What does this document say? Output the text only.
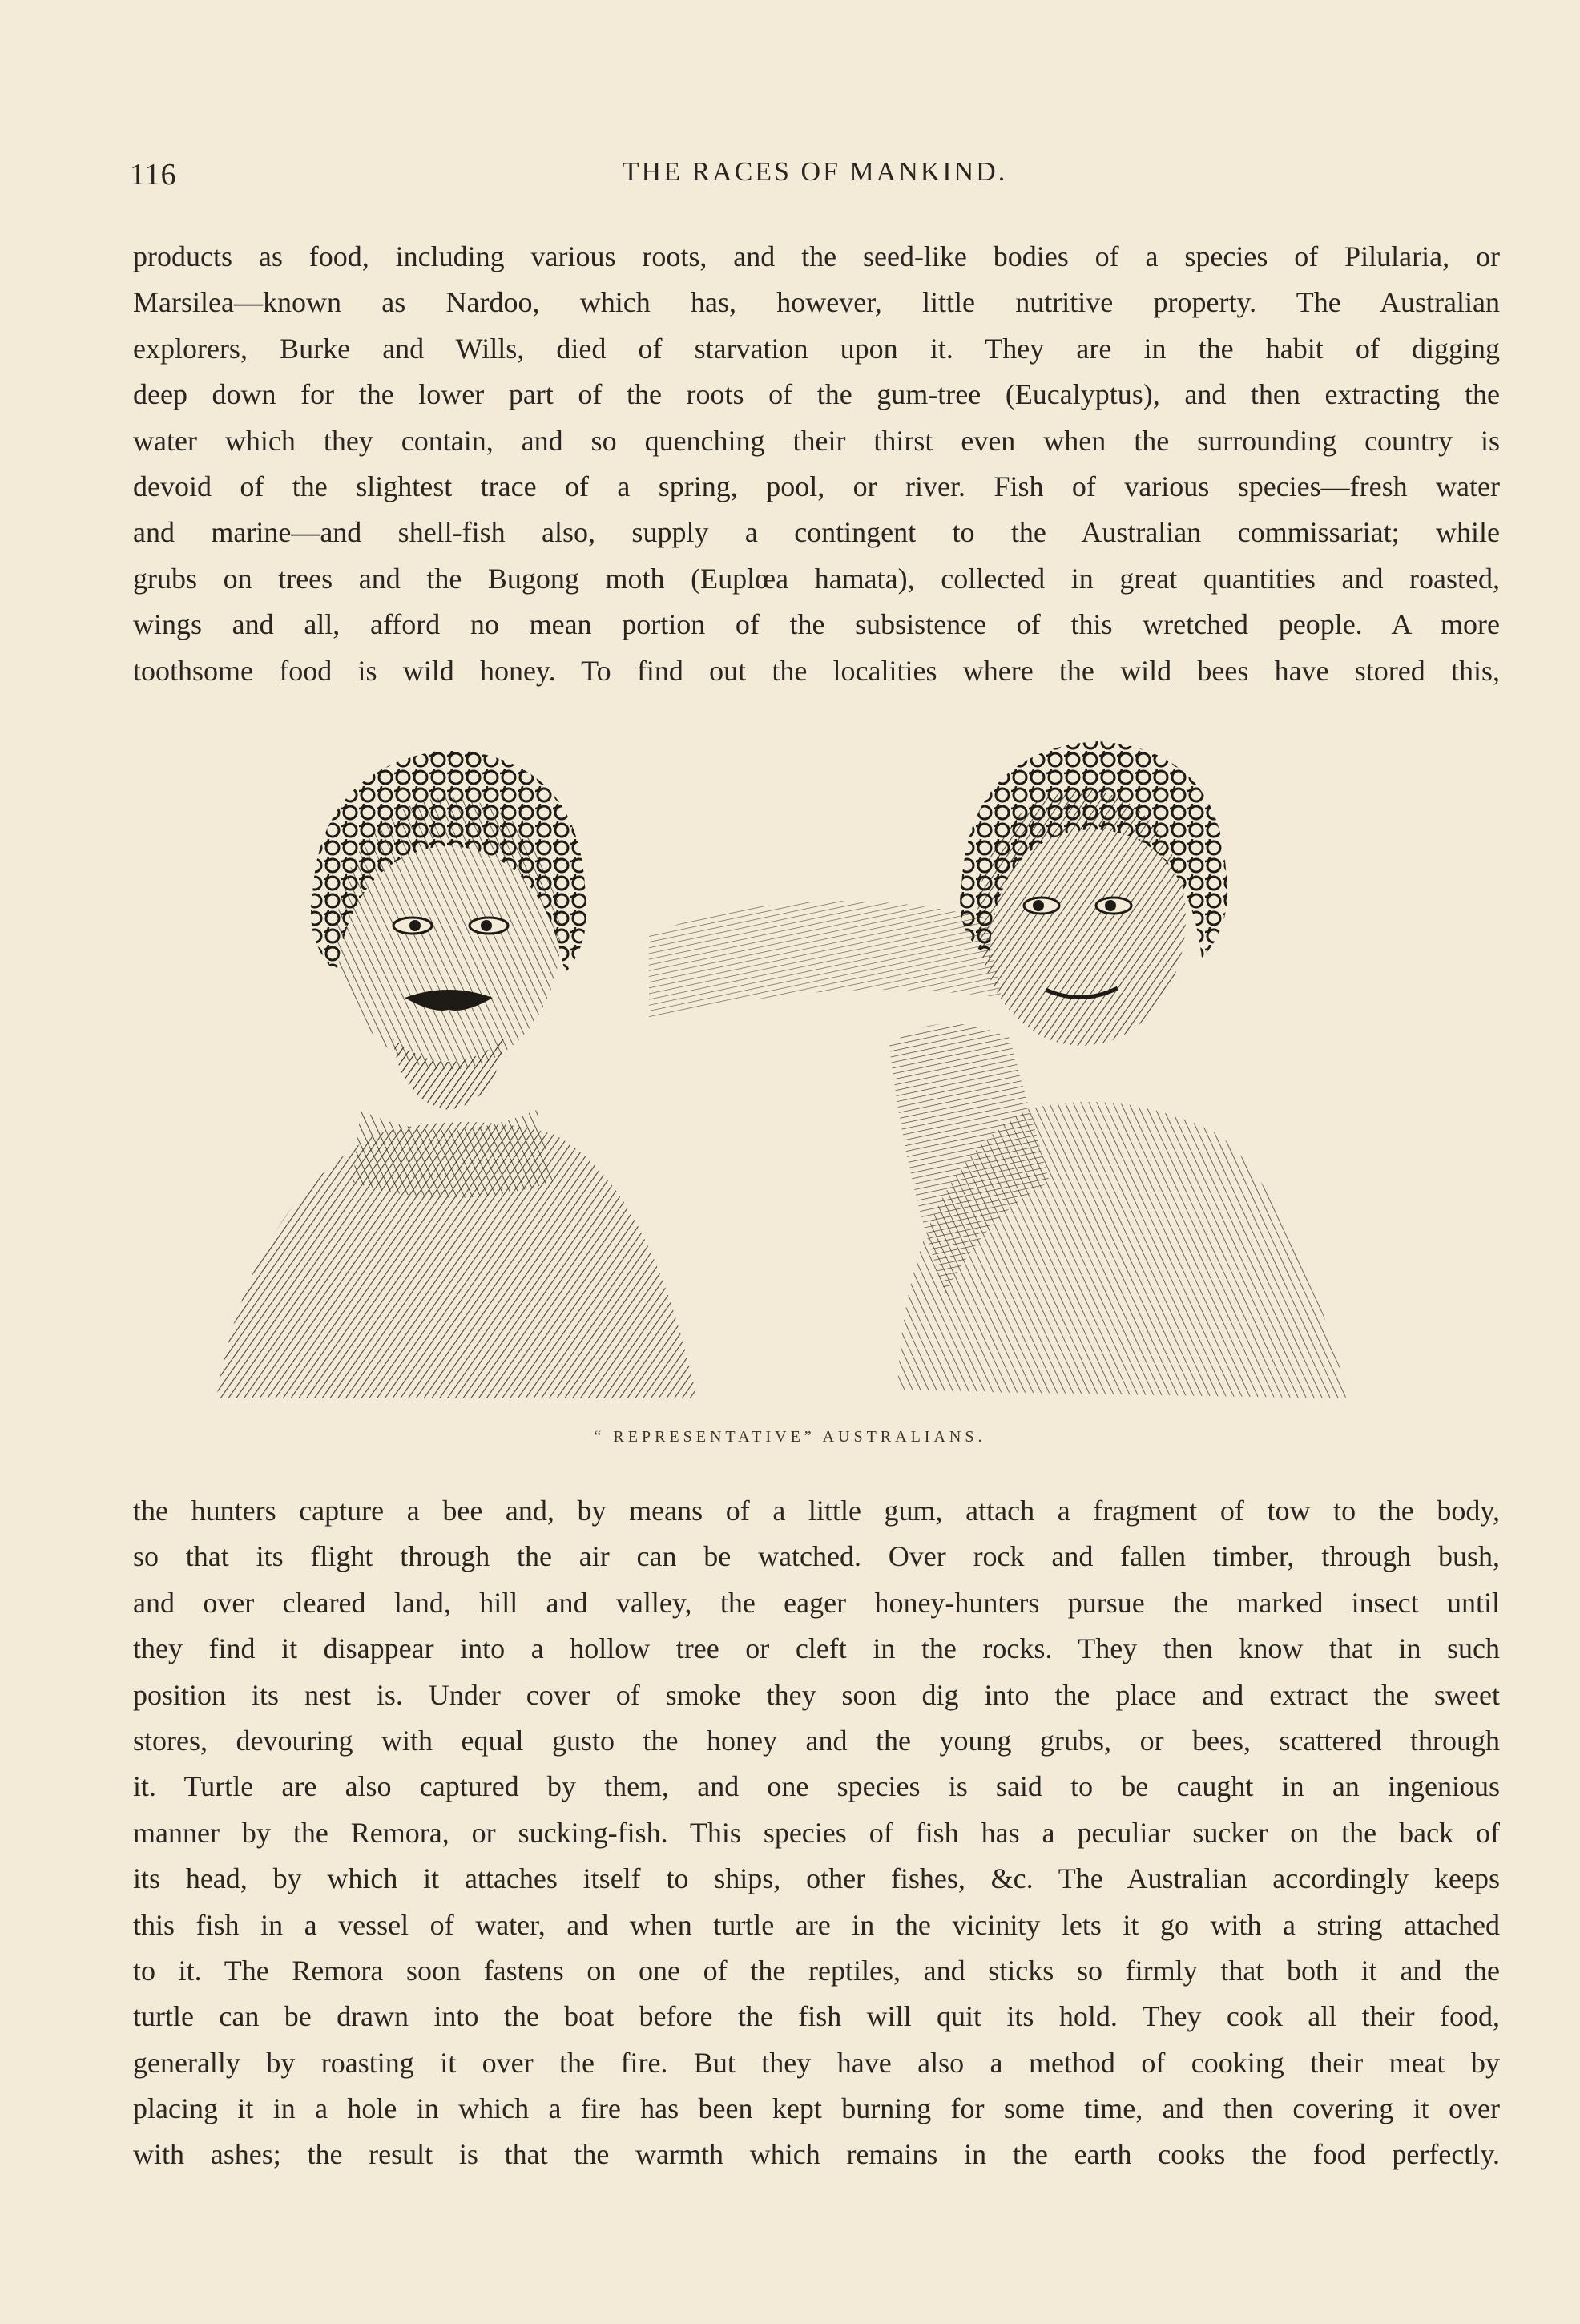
116	THE RACES OF MANKIND.
products as food, including various roots, and the seed-like bodies of a species of Pilularia, or
Marsilea—known as Nardoo, which has, however, little nutritive property. The Australian
explorers, Burke and Wills, died of starvation upon it. They are in the habit of digging
deep down for the lower part of the roots of the gum-tree (Eucalyptus), and then extracting the
water which they contain, and so quenching their thirst even when the surrounding country is
devoid of the slightest trace of a spring, pool, or river. Fish of various species—fresh water
and marine—and shell-fish also, supply a contingent to the Australian commissariat; while
grubs on trees and the Bugong moth (Euplœa hamata), collected in great quantities and roasted,
wings and all, afford no mean portion of the subsistence of this wretched people. A more
toothsome food is wild honey. To find out the localities where the wild bees have stored this,
“ REPRESENTATIVE” AUSTRALIANS.
the hunters capture a bee and, by means of a little gum, attach a fragment of tow to the body,
so that its flight through the air can be watched. Over rock and fallen timber, through bush,
and over cleared land, hill and valley, the eager honey-hunters pursue the marked insect until
they find it disappear into a hollow tree or cleft in the rocks. They then know that in such
position its nest is. Under cover of smoke they soon dig into the place and extract the sweet
stores, devouring with equal gusto the honey and the young grubs, or bees, scattered through
it. Turtle are also captured by them, and one species is said to be caught in an ingenious
manner by the Remora, or sucking-fish. This species of fish has a peculiar sucker on the back of
its head, by which it attaches itself to ships, other fishes, &c. The Australian accordingly keeps
this fish in a vessel of water, and when turtle are in the vicinity lets it go with a string attached
to it. The Remora soon fastens on one of the reptiles, and sticks so firmly that both it and the
turtle can be drawn into the boat before the fish will quit its hold. They cook all their food,
generally by roasting it over the fire. But they have also a method of cooking their meat by
placing it in a hole in which a fire has been kept burning for some time, and then covering it over
with ashes; the result is that the warmth which remains in the earth cooks the food perfectly.
